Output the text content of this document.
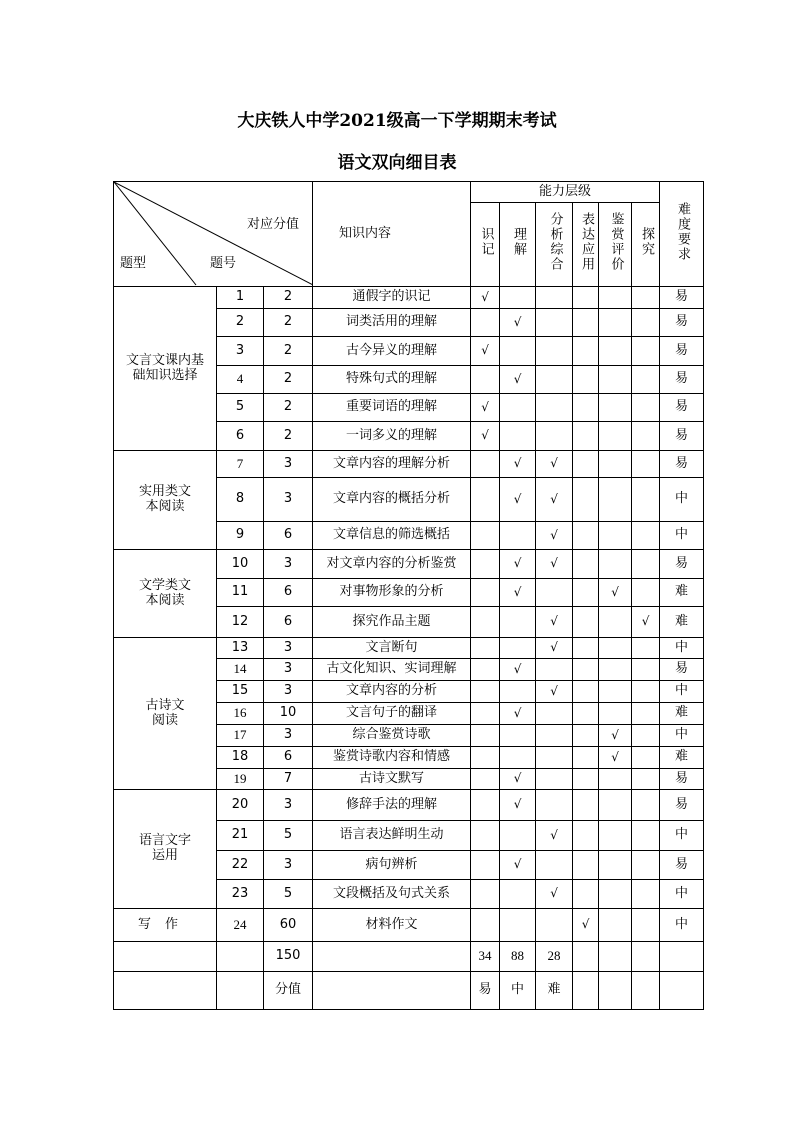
大庆铁人中学2021级高一下学期期末考试
语文双向细目表
对应分值
题型 题号			知识内容	能力层级						难度要求
				识记	理解	分析综合	表达应用	鉴赏评价	探究	

文言文课内基础知识选择	1	2	通假字的识记	√						易
	2	2	词类活用的理解		√					易
	3	2	古今异义的理解	√						易
	4	2	特殊句式的理解		√					易
	5	2	重要词语的理解	√						易
	6	2	一词多义的理解	√						易

实用类文本阅读	7	3	文章内容的理解分析		√	√				易
	8	3	文章内容的概括分析		√	√				中
	9	6	文章信息的筛选概括			√				中

文学类文本阅读	10	3	对文章内容的分析鉴赏		√	√				易
	11	6	对事物形象的分析		√			√		难
	12	6	探究作品主题			√			√	难

古诗文阅读	13	3	文言断句			√				中
	14	3	古文化知识、实词理解		√					易
	15	3	文章内容的分析			√				中
	16	10	文言句子的翻译		√					难
	17	3	综合鉴赏诗歌					√		中
	18	6	鉴赏诗歌内容和情感					√		难
	19	7	古诗文默写		√					易

语言文字运用	20	3	修辞手法的理解		√					易
	21	5	语言表达鲜明生动			√				中
	22	3	病句辨析		√					易
	23	5	文段概括及句式关系			√				中

写作	24	60	材料作文				√			中
		150		34	88	28				
		分值		易	中	难				
